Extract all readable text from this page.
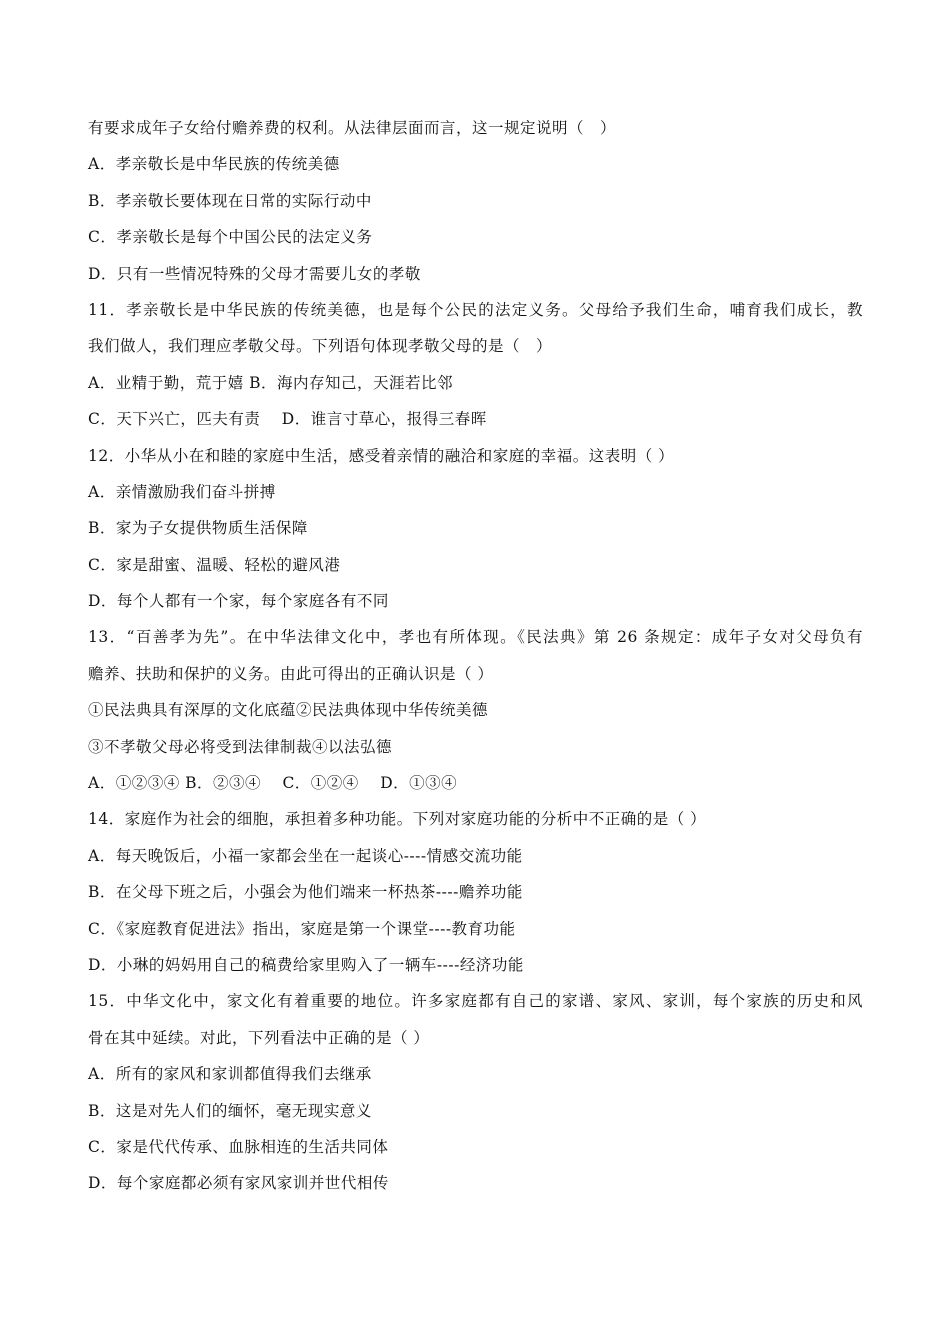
有要求成年子女给付赡养费的权利。从法律层面而言，这一规定说明（　）
A．孝亲敬长是中华民族的传统美德
B．孝亲敬长要体现在日常的实际行动中
C．孝亲敬长是每个中国公民的法定义务
D．只有一些情况特殊的父母才需要儿女的孝敬
11．孝亲敬长是中华民族的传统美德，也是每个公民的法定义务。父母给予我们生命，哺育我们成长，教
我们做人，我们理应孝敬父母。下列语句体现孝敬父母的是（　）
A．业精于勤，荒于嬉 B．海内存知己，天涯若比邻
C．天下兴亡，匹夫有责　 D．谁言寸草心，报得三春晖
12．小华从小在和睦的家庭中生活，感受着亲情的融洽和家庭的幸福。这表明（ ）
A．亲情激励我们奋斗拼搏
B．家为子女提供物质生活保障
C．家是甜蜜、温暖、轻松的避风港
D．每个人都有一个家，每个家庭各有不同
13．“百善孝为先”。在中华法律文化中，孝也有所体现。《民法典》第 26 条规定：成年子女对父母负有
赡养、扶助和保护的义务。由此可得出的正确认识是（ ）
①民法典具有深厚的文化底蕴②民法典体现中华传统美德
③不孝敬父母必将受到法律制裁④以法弘德
A．①②③④ B．②③④　 C．①②④　 D．①③④
14．家庭作为社会的细胞，承担着多种功能。下列对家庭功能的分析中不正确的是（ ）
A．每天晚饭后，小福一家都会坐在一起谈心----情感交流功能
B．在父母下班之后，小强会为他们端来一杯热茶----赡养功能
C．《家庭教育促进法》指出，家庭是第一个课堂----教育功能
D．小琳的妈妈用自己的稿费给家里购入了一辆车----经济功能
15．中华文化中，家文化有着重要的地位。许多家庭都有自己的家谱、家风、家训，每个家族的历史和风
骨在其中延续。对此，下列看法中正确的是（ ）
A．所有的家风和家训都值得我们去继承
B．这是对先人们的缅怀，毫无现实意义
C．家是代代传承、血脉相连的生活共同体
D．每个家庭都必须有家风家训并世代相传
